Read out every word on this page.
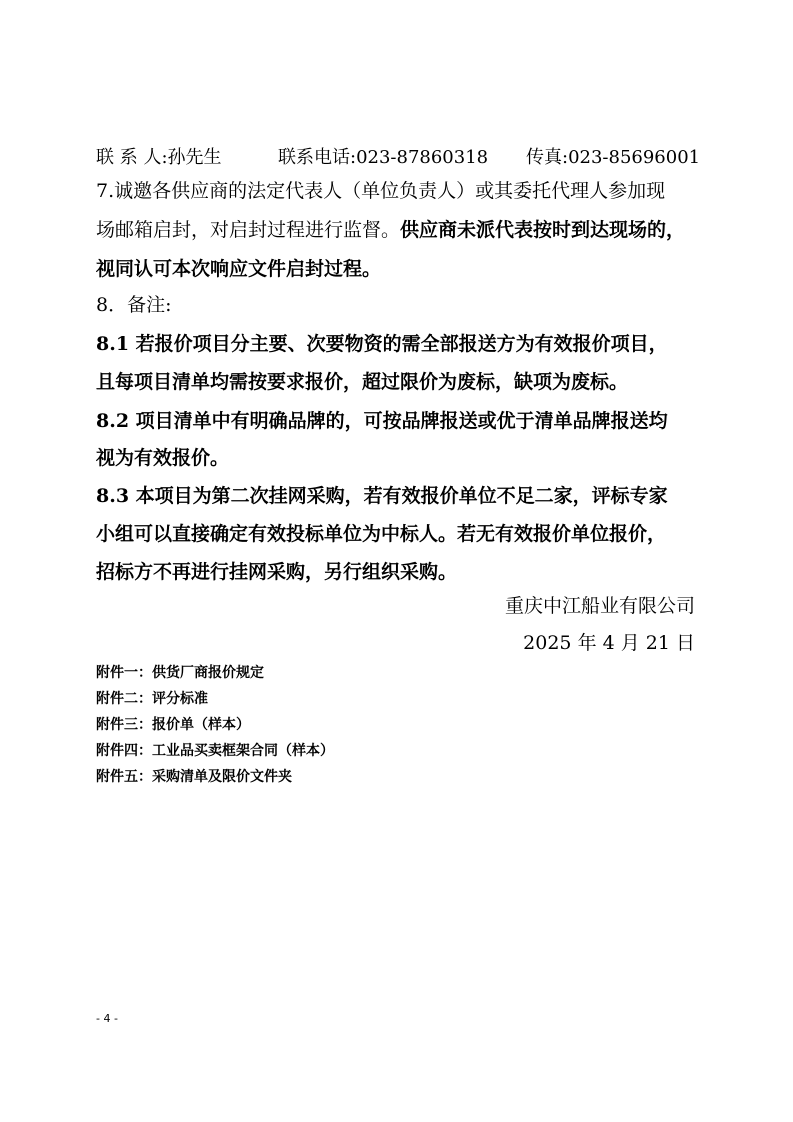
联 系 人:孙先生	联系电话:023-87860318 传真:023-85696001
7.诚邀各供应商的法定代表人（单位负责人）或其委托代理人参加现
场邮箱启封，对启封过程进行监督。供应商未派代表按时到达现场的，
视同认可本次响应文件启封过程。
8．备注:
8.1 若报价项目分主要、次要物资的需全部报送方为有效报价项目，
且每项目清单均需按要求报价，超过限价为废标，缺项为废标。
8.2 项目清单中有明确品牌的，可按品牌报送或优于清单品牌报送均
视为有效报价。
8.3 本项目为第二次挂网采购，若有效报价单位不足二家，评标专家
小组可以直接确定有效投标单位为中标人。若无有效报价单位报价，
招标方不再进行挂网采购，另行组织采购。
重庆中江船业有限公司
2025 年 4 月 21 日
附件一：供货厂商报价规定
附件二：评分标准
附件三：报价单（样本）
附件四：工业品买卖框架合同（样本）
附件五：采购清单及限价文件夹
- 4 -
